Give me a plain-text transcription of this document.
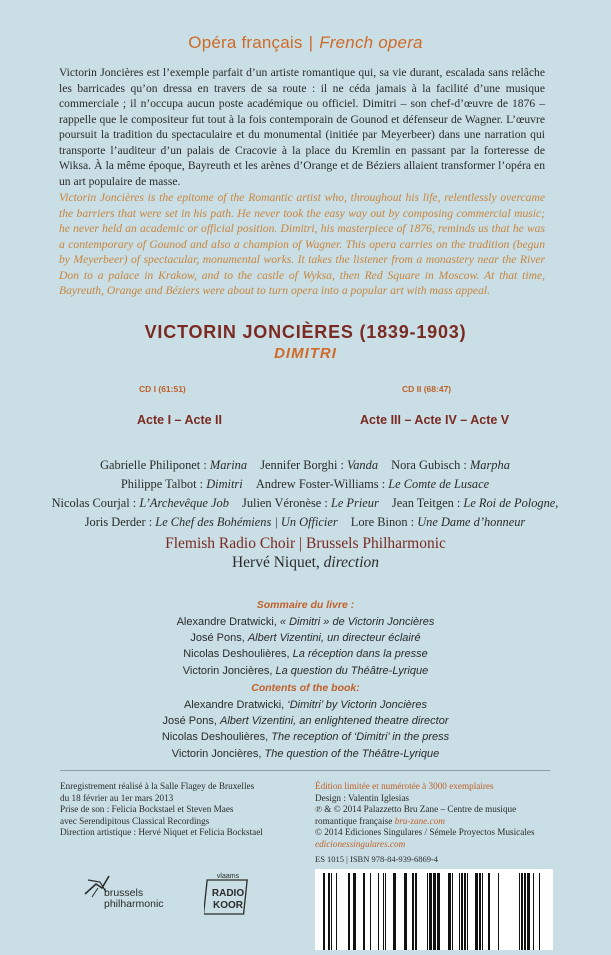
Opéra français | French opera
Victorin Joncières est l’exemple parfait d’un artiste romantique qui, sa vie durant, escalada sans relâche les barricades qu’on dressa en travers de sa route : il ne céda jamais à la facilité d’une musique commerciale ; il n’occupa aucun poste académique ou officiel. Dimitri – son chef-d’œuvre de 1876 – rappelle que le compositeur fut tout à la fois contemporain de Gounod et défenseur de Wagner. L’œuvre poursuit la tradition du spectaculaire et du monumental (initiée par Meyerbeer) dans une narration qui transporte l’auditeur d’un palais de Cracovie à la place du Kremlin en passant par la forteresse de Wiksa. À la même époque, Bayreuth et les arènes d’Orange et de Béziers allaient transformer l’opéra en un art populaire de masse.
Victorin Joncières is the epitome of the Romantic artist who, throughout his life, relentlessly overcame the barriers that were set in his path. He never took the easy way out by composing commercial music; he never held an academic or official position. Dimitri, his masterpiece of 1876, reminds us that he was a contemporary of Gounod and also a champion of Wagner. This opera carries on the tradition (begun by Meyerbeer) of spectacular, monumental works. It takes the listener from a monastery near the River Don to a palace in Krakow, and to the castle of Wyksa, then Red Square in Moscow. At that time, Bayreuth, Orange and Béziers were about to turn opera into a popular art with mass appeal.
VICTORIN JONCIÈRES (1839-1903)
DIMITRI
CD I (61:51)	CD II (68:47)
Acte I – Acte II	Acte III – Acte IV – Acte V
Gabrielle Philiponet : Marina Jennifer Borghi : Vanda Nora Gubisch : Marpha
Philippe Talbot : Dimitri Andrew Foster-Williams : Le Comte de Lusace
Nicolas Courjal : L’Archevêque Job Julien Véronèse : Le Prieur Jean Teitgen : Le Roi de Pologne,
Joris Derder : Le Chef des Bohémiens | Un Officier Lore Binon : Une Dame d’honneur
Flemish Radio Choir | Brussels Philharmonic
Hervé Niquet, direction
Sommaire du livre :
Alexandre Dratwicki, « Dimitri » de Victorin Joncières
José Pons, Albert Vizentini, un directeur éclairé
Nicolas Deshoulières, La réception dans la presse
Victorin Joncières, La question du Théâtre-Lyrique
Contents of the book:
Alexandre Dratwicki, ‘Dimitri’ by Victorin Joncières
José Pons, Albert Vizentini, an enlightened theatre director
Nicolas Deshoulières, The reception of ‘Dimitri’ in the press
Victorin Joncières, The question of the Théâtre-Lyrique
Enregistrement réalisé à la Salle Flagey de Bruxelles
du 18 février au 1er mars 2013
Prise de son : Felicia Bockstael et Steven Maes
avec Serendipitous Classical Recordings
Direction artistique : Hervé Niquet et Felicia Bockstael
Édition limitée et numérotée à 3000 exemplaires
Design : Valentin Iglesias
℗ & © 2014 Palazzetto Bru Zane – Centre de musique
romantique française bru-zane.com
© 2014 Ediciones Singulares / Sémele Proyectos Musicales
edicionessingulares.com
ES 1015 | ISBN 978-84-939-6869-4
brussels
philharmonic
vlaams
RADIO
KOOR
